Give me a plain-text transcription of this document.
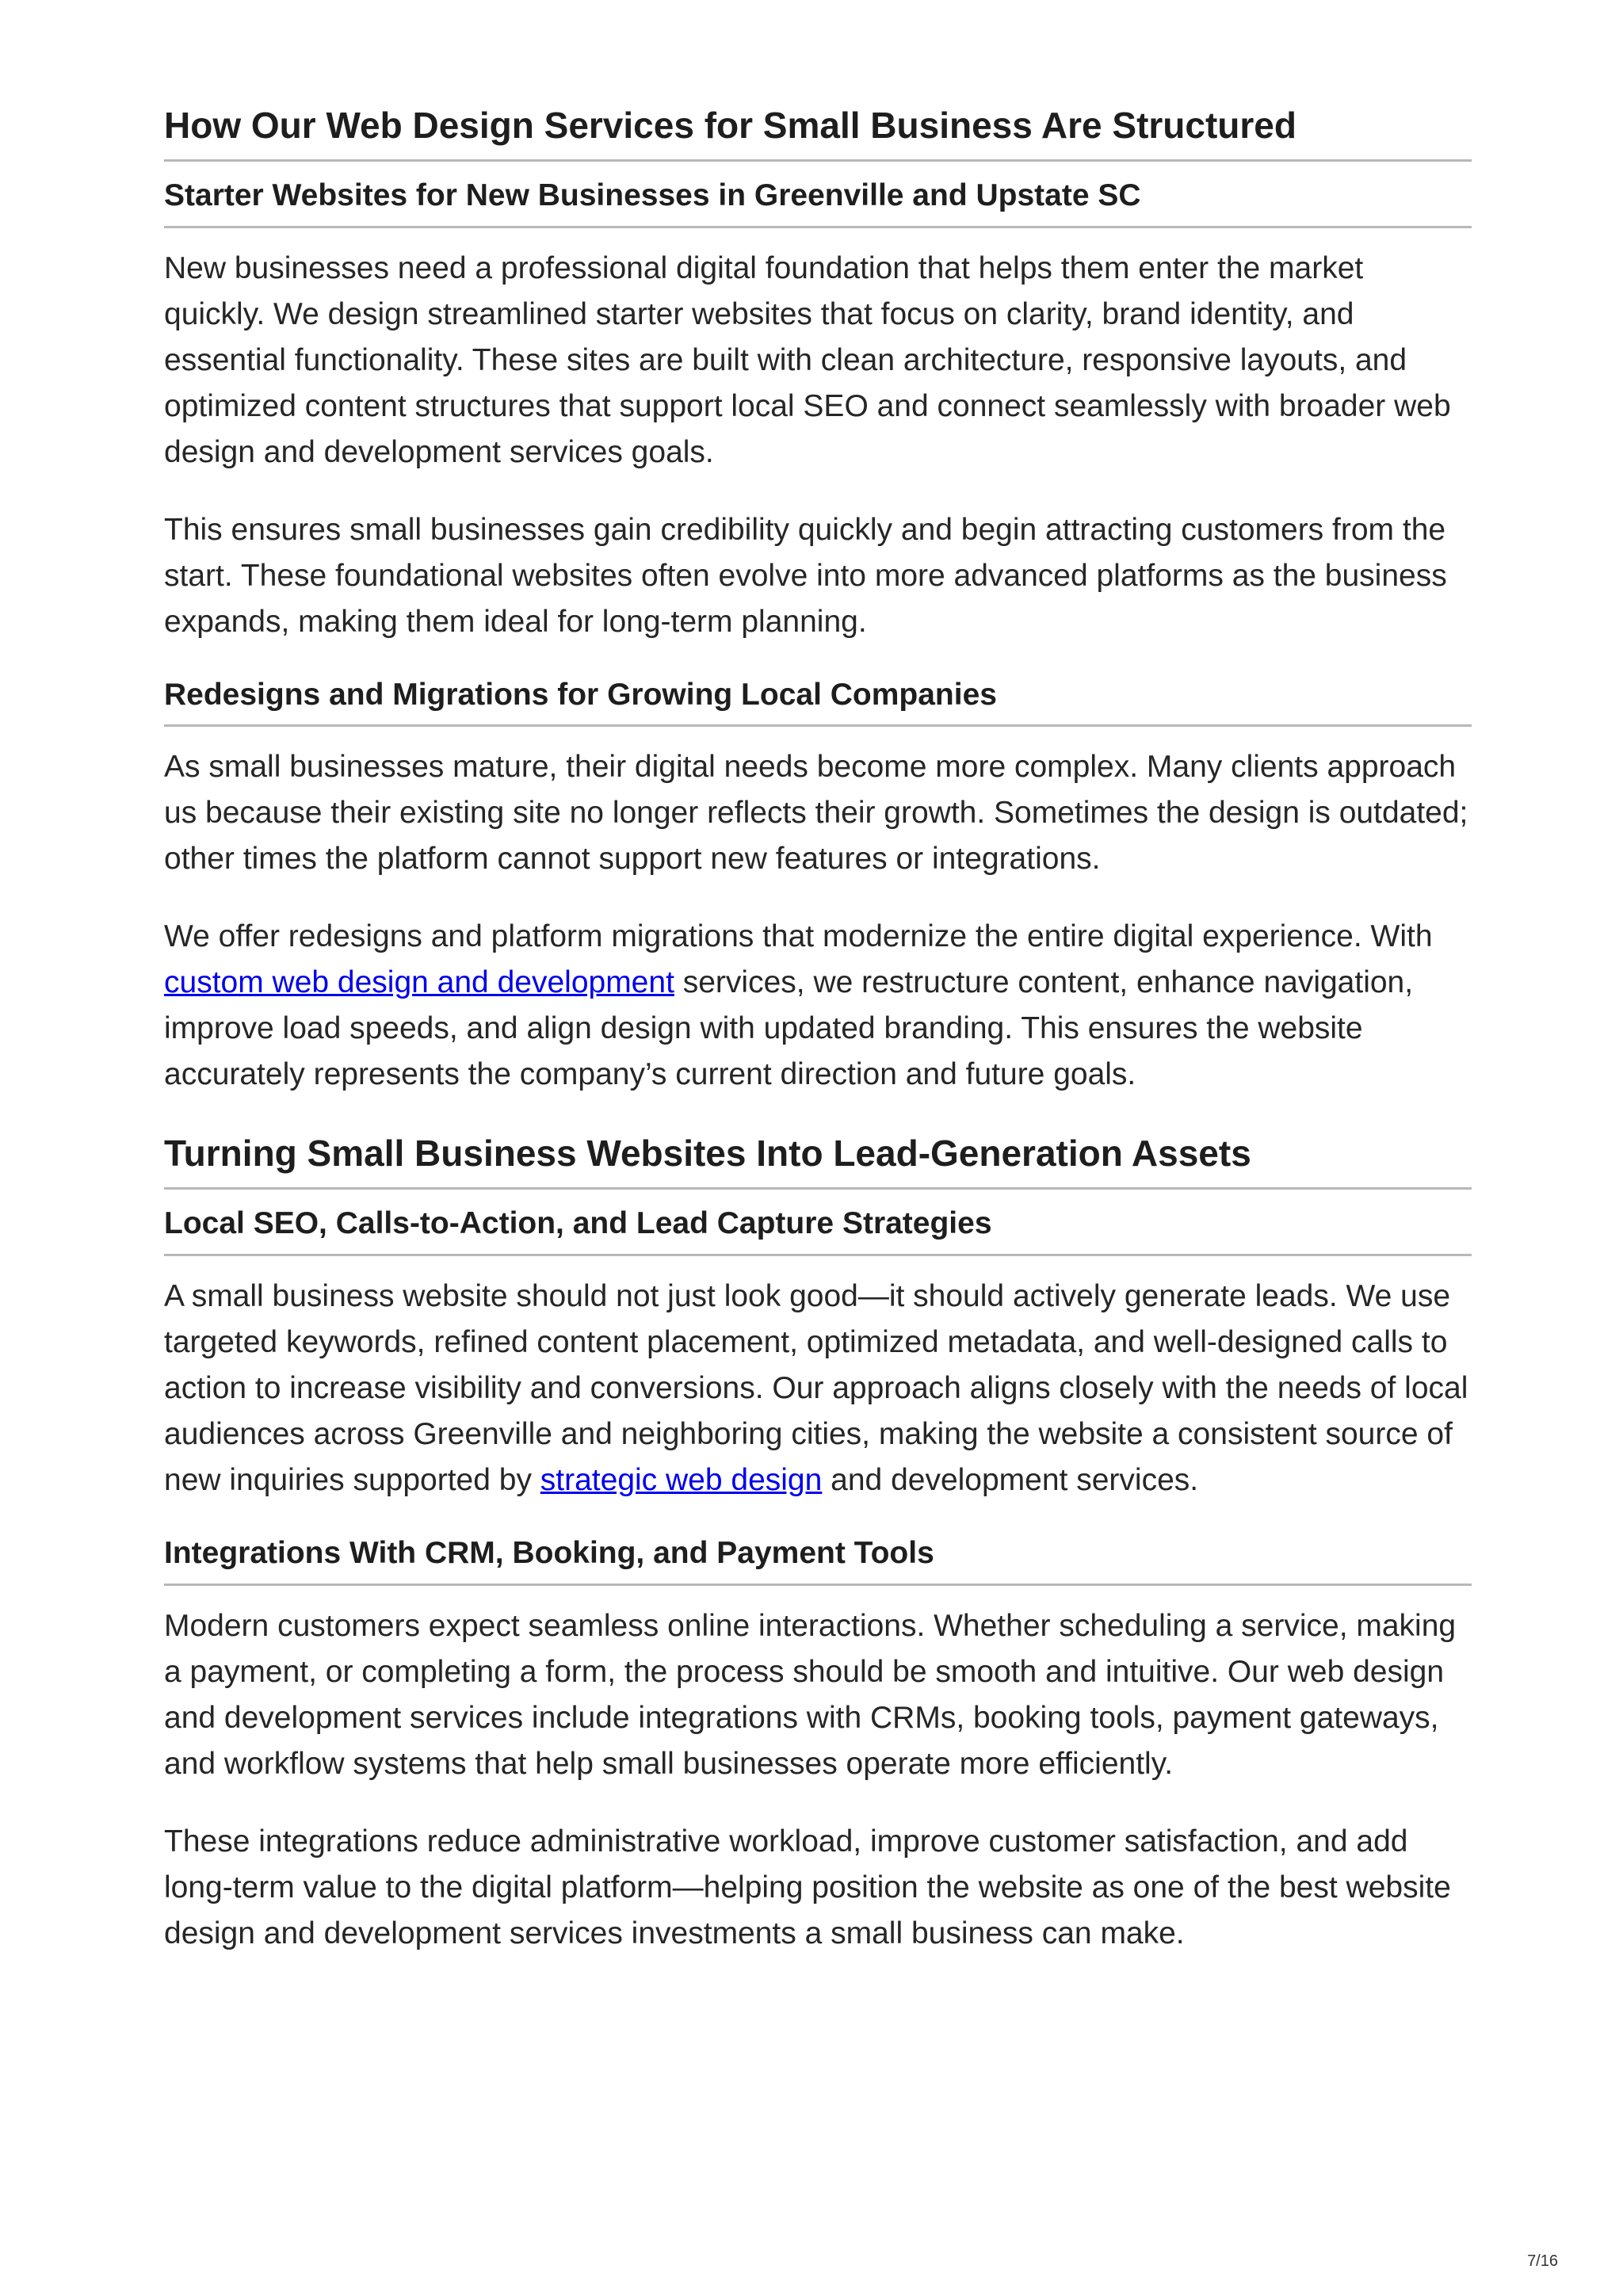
How Our Web Design Services for Small Business Are Structured
Starter Websites for New Businesses in Greenville and Upstate SC

New businesses need a professional digital foundation that helps them enter the market quickly. We design streamlined starter websites that focus on clarity, brand identity, and essential functionality. These sites are built with clean architecture, responsive layouts, and optimized content structures that support local SEO and connect seamlessly with broader web design and development services goals.

This ensures small businesses gain credibility quickly and begin attracting customers from the start. These foundational websites often evolve into more advanced platforms as the business expands, making them ideal for long-term planning.

Redesigns and Migrations for Growing Local Companies

As small businesses mature, their digital needs become more complex. Many clients approach us because their existing site no longer reflects their growth. Sometimes the design is outdated; other times the platform cannot support new features or integrations.

We offer redesigns and platform migrations that modernize the entire digital experience. With custom web design and development services, we restructure content, enhance navigation, improve load speeds, and align design with updated branding. This ensures the website accurately represents the company’s current direction and future goals.

Turning Small Business Websites Into Lead-Generation Assets
Local SEO, Calls-to-Action, and Lead Capture Strategies

A small business website should not just look good—it should actively generate leads. We use targeted keywords, refined content placement, optimized metadata, and well-designed calls to action to increase visibility and conversions. Our approach aligns closely with the needs of local audiences across Greenville and neighboring cities, making the website a consistent source of new inquiries supported by strategic web design and development services.

Integrations With CRM, Booking, and Payment Tools

Modern customers expect seamless online interactions. Whether scheduling a service, making a payment, or completing a form, the process should be smooth and intuitive. Our web design and development services include integrations with CRMs, booking tools, payment gateways, and workflow systems that help small businesses operate more efficiently.

These integrations reduce administrative workload, improve customer satisfaction, and add long-term value to the digital platform—helping position the website as one of the best website design and development services investments a small business can make.

7/16
